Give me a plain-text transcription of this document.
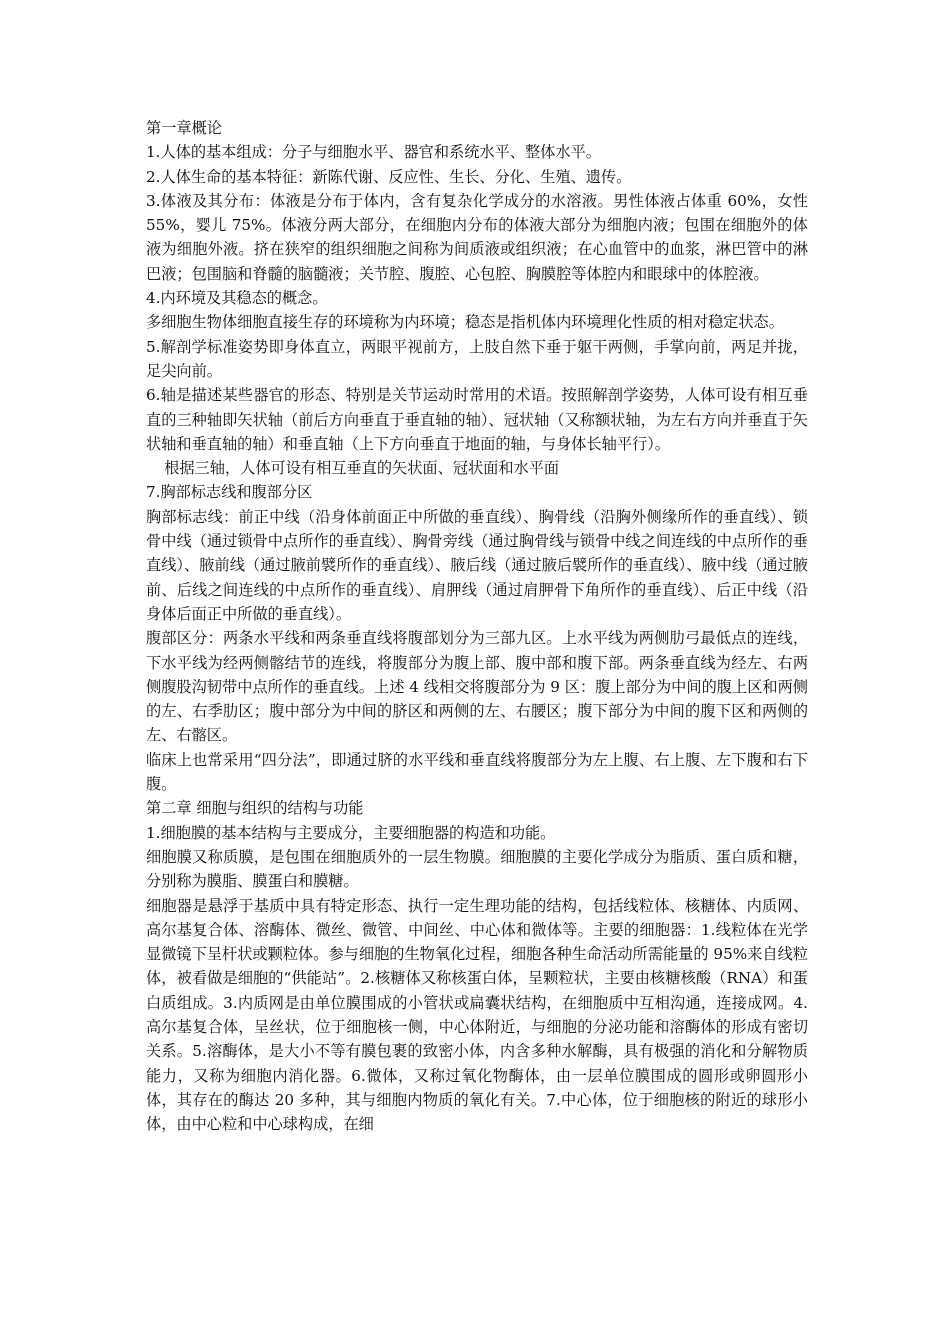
第一章概论

1.人体的基本组成：分子与细胞水平、器官和系统水平、整体水平。

2.人体生命的基本特征：新陈代谢、反应性、生长、分化、生殖、遗传。

3.体液及其分布：体液是分布于体内，含有复杂化学成分的水溶液。男性体液占体重 60%，女性 55%，婴儿 75%。体液分两大部分，在细胞内分布的体液大部分为细胞内液；包围在细胞外的体液为细胞外液。挤在狭窄的组织细胞之间称为间质液或组织液；在心血管中的血浆，淋巴管中的淋巴液；包围脑和脊髓的脑髓液；关节腔、腹腔、心包腔、胸膜腔等体腔内和眼球中的体腔液。

4.内环境及其稳态的概念。

多细胞生物体细胞直接生存的环境称为内环境；稳态是指机体内环境理化性质的相对稳定状态。

5.解剖学标准姿势即身体直立，两眼平视前方，上肢自然下垂于躯干两侧，手掌向前，两足并拢，足尖向前。

6.轴是描述某些器官的形态、特别是关节运动时常用的术语。按照解剖学姿势，人体可设有相互垂直的三种轴即矢状轴（前后方向垂直于垂直轴的轴）、冠状轴（又称额状轴，为左右方向并垂直于矢状轴和垂直轴的轴）和垂直轴（上下方向垂直于地面的轴，与身体长轴平行）。

根据三轴，人体可设有相互垂直的矢状面、冠状面和水平面

7.胸部标志线和腹部分区

胸部标志线：前正中线（沿身体前面正中所做的垂直线）、胸骨线（沿胸外侧缘所作的垂直线）、锁骨中线（通过锁骨中点所作的垂直线）、胸骨旁线（通过胸骨线与锁骨中线之间连线的中点所作的垂直线）、腋前线（通过腋前襞所作的垂直线）、腋后线（通过腋后襞所作的垂直线）、腋中线（通过腋前、后线之间连线的中点所作的垂直线）、肩胛线（通过肩胛骨下角所作的垂直线）、后正中线（沿身体后面正中所做的垂直线）。

腹部区分：两条水平线和两条垂直线将腹部划分为三部九区。上水平线为两侧肋弓最低点的连线，下水平线为经两侧髂结节的连线，将腹部分为腹上部、腹中部和腹下部。两条垂直线为经左、右两侧腹股沟韧带中点所作的垂直线。上述 4 线相交将腹部分为 9 区：腹上部分为中间的腹上区和两侧的左、右季肋区；腹中部分为中间的脐区和两侧的左、右腰区；腹下部分为中间的腹下区和两侧的左、右髂区。

临床上也常采用“四分法”，即通过脐的水平线和垂直线将腹部分为左上腹、右上腹、左下腹和右下腹。

第二章 细胞与组织的结构与功能

1.细胞膜的基本结构与主要成分，主要细胞器的构造和功能。

细胞膜又称质膜，是包围在细胞质外的一层生物膜。细胞膜的主要化学成分为脂质、蛋白质和糖，分别称为膜脂、膜蛋白和膜糖。

细胞器是悬浮于基质中具有特定形态、执行一定生理功能的结构，包括线粒体、核糖体、内质网、高尔基复合体、溶酶体、微丝、微管、中间丝、中心体和微体等。主要的细胞器：1.线粒体在光学显微镜下呈杆状或颗粒体。参与细胞的生物氧化过程，细胞各种生命活动所需能量的 95%来自线粒体，被看做是细胞的“供能站”。2.核糖体又称核蛋白体，呈颗粒状，主要由核糖核酸（RNA）和蛋白质组成。3.内质网是由单位膜围成的小管状或扁囊状结构，在细胞质中互相沟通，连接成网。4.高尔基复合体，呈丝状，位于细胞核一侧，中心体附近，与细胞的分泌功能和溶酶体的形成有密切关系。5.溶酶体，是大小不等有膜包裹的致密小体，内含多种水解酶，具有极强的消化和分解物质能力，又称为细胞内消化器。6.微体，又称过氧化物酶体，由一层单位膜围成的圆形或卵圆形小体，其存在的酶达 20 多种，其与细胞内物质的氧化有关。7.中心体，位于细胞核的附近的球形小体，由中心粒和中心球构成，在细
